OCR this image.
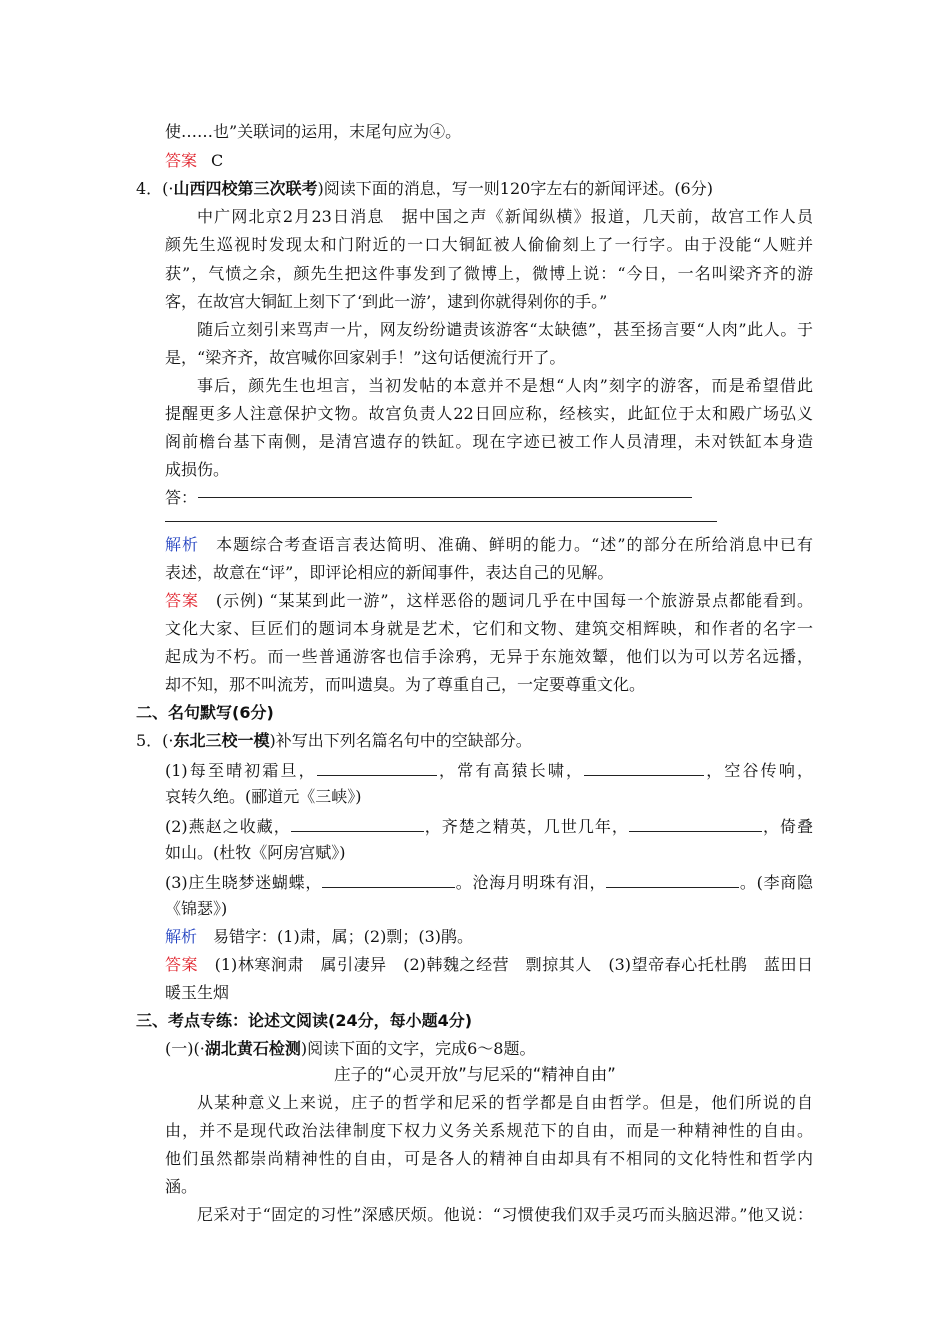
使……也”关联词的运用，末尾句应为④。
答案 C
4．(·山西四校第三次联考)阅读下面的消息，写一则120字左右的新闻评述。(6分)
中广网北京2月23日消息　据中国之声《新闻纵横》报道，几天前，故宫工作人员
颜先生巡视时发现太和门附近的一口大铜缸被人偷偷刻上了一行字。由于没能“人赃并
获”，气愤之余，颜先生把这件事发到了微博上，微博上说：“今日，一名叫梁齐齐的游
客，在故宫大铜缸上刻下了‘到此一游’，逮到你就得剁你的手。”
随后立刻引来骂声一片，网友纷纷谴责该游客“太缺德”，甚至扬言要“人肉”此人。于
是，“梁齐齐，故宫喊你回家剁手！”这句话便流行开了。
事后，颜先生也坦言，当初发帖的本意并不是想“人肉”刻字的游客，而是希望借此
提醒更多人注意保护文物。故宫负责人22日回应称，经核实，此缸位于太和殿广场弘义
阁前檐台基下南侧，是清宫遗存的铁缸。现在字迹已被工作人员清理，未对铁缸本身造
成损伤。
答：
解析　本题综合考查语言表达简明、准确、鲜明的能力。“述”的部分在所给消息中已有
表述，故意在“评”，即评论相应的新闻事件，表达自己的见解。
答案　(示例) “某某到此一游”，这样恶俗的题词几乎在中国每一个旅游景点都能看到。
文化大家、巨匠们的题词本身就是艺术，它们和文物、建筑交相辉映，和作者的名字一
起成为不朽。而一些普通游客也信手涂鸦，无异于东施效颦，他们以为可以芳名远播，
却不知，那不叫流芳，而叫遗臭。为了尊重自己，一定要尊重文化。
二、名句默写(6分)
5．(·东北三校一模)补写出下列名篇名句中的空缺部分。
(1)每至晴初霜旦，	，常有高猿长啸，	，空谷传响，
哀转久绝。(郦道元《三峡》)
(2)燕赵之收藏，	，齐楚之精英，几世几年，	，倚叠
如山。(杜牧《阿房宫赋》)
(3)庄生晓梦迷蝴蝶，	。沧海月明珠有泪，	。(李商隐
《锦瑟》)
解析　易错字：(1)肃，属；(2)剽；(3)鹃。
答案　(1)林寒涧肃　属引凄异　(2)韩魏之经营　剽掠其人　(3)望帝春心托杜鹃　蓝田日
暖玉生烟
三、考点专练：论述文阅读(24分，每小题4分)
(一)(·湖北黄石检测)阅读下面的文字，完成6～8题。
庄子的“心灵开放”与尼采的“精神自由”
从某种意义上来说，庄子的哲学和尼采的哲学都是自由哲学。但是，他们所说的自
由，并不是现代政治法律制度下权力义务关系规范下的自由，而是一种精神性的自由。
他们虽然都崇尚精神性的自由，可是各人的精神自由却具有不相同的文化特性和哲学内
涵。
尼采对于“固定的习性”深感厌烦。他说：“习惯使我们双手灵巧而头脑迟滞。”他又说：
